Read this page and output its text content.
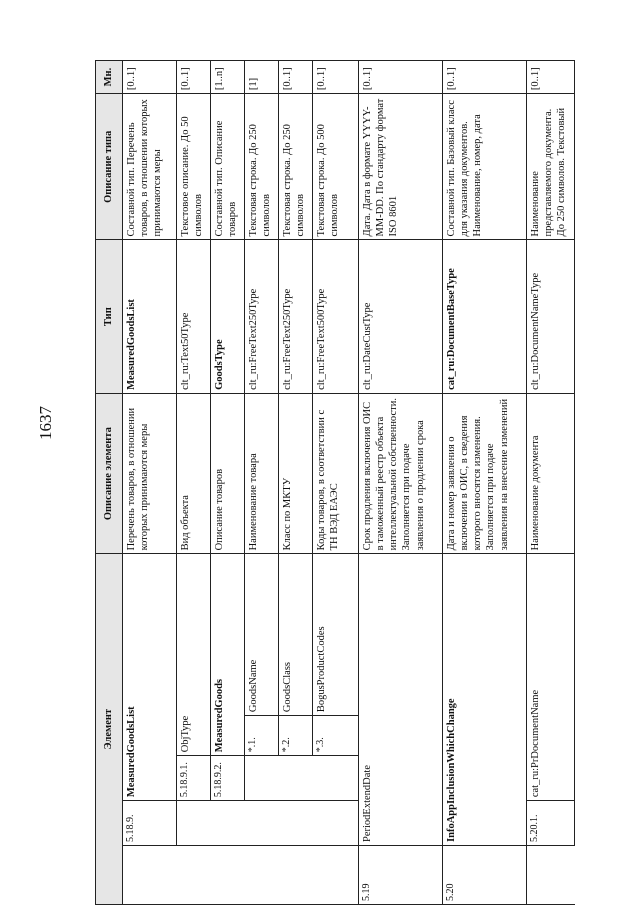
1637
Элемент					Описание элемента	Тип	Описание типа	Мн.
	5.18.9.	MeasuredGoodsList			Перечень товаров, в отношении которых принимаются меры	MeasuredGoodsList	Составной тип. Перечень товаров, в отношении которых принимаются меры	[0..1]
		5.18.9.1.	ObjType		Вид объекта	clt_ru:Text50Type	Текстовое описание. До 50 символов	[0..1]
		5.18.9.2.	MeasuredGoods		Описание товаров	GoodsType	Составной тип. Описание товаров	[1..n]
			*.1.	GoodsName	Наименование товара	clt_ru:FreeText250Type	Текстовая строка. До 250 символов	[1]
			*.2.	GoodsClass	Класс по МКТУ	clt_ru:FreeText250Type	Текстовая строка. До 250 символов	[0..1]
			*.3.	BogusProductCodes	Коды товаров, в соответствии с ТН ВЭД ЕАЭС	clt_ru:FreeText500Type	Текстовая строка. До 500 символов	[0..1]
5.19	PeriodExtendDate				Срок продления включения ОИС в таможенный реестр объекта интеллектуальной собственности. Заполняется при подаче заявления о продлении срока	clt_ru:DateCustType	Дата. Дата в формате YYYY-MM-DD. По стандарту формат ISO 8601	[0..1]
5.20	InfoAppInclusionWhichChange				Дата и номер заявления о включении в ОИС, в сведения которого вносятся изменения. Заполняется при подаче заявления на внесение изменений	cat_ru:DocumentBaseType	Составной тип. Базовый класс для указания документов. Наименование, номер, дата	[0..1]
	5.20.1.	cat_ru:PrDocumentName			Наименование документа	clt_ru:DocumentNameType	Наименование представляемого документа. До 250 символов. Текстовый	[0..1]
